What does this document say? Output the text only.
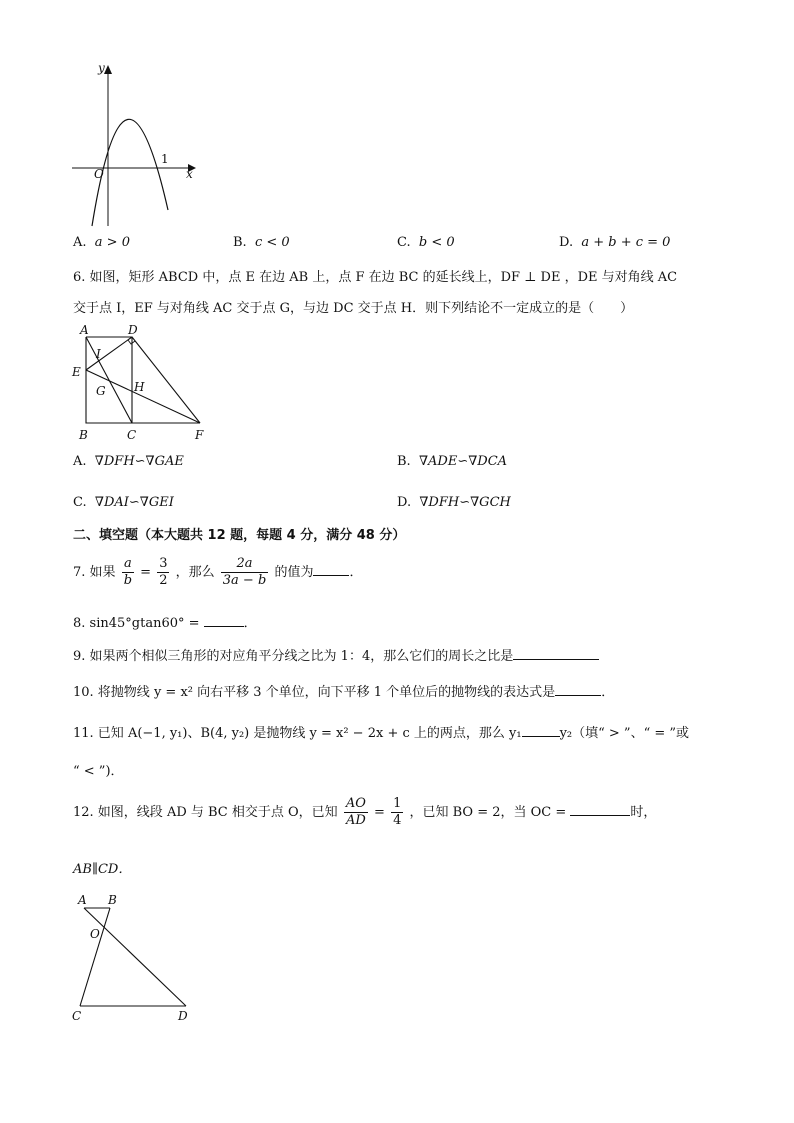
y
x
O
1
A. a > 0	B. c < 0	C. b < 0	D. a + b + c = 0
6. 如图，矩形 ABCD 中，点 E 在边 AB 上，点 F 在边 BC 的延长线上，DF ⊥ DE ，DE 与对角线 AC
交于点 I，EF 与对角线 AC 交于点 G，与边 DC 交于点 H．则下列结论不一定成立的是（　　）
A	D
I
E
G H
B	C	F
A. ∇DFH∽∇GAE	B. ∇ADE∽∇DCA
C. ∇DAI∽∇GEI	D. ∇DFH∽∇GCH
二、填空题（本大题共 12 题，每题 4 分，满分 48 分）
7. 如果 $\frac{a}{b} = \frac{3}{2}$ ，那么 $\frac{2a}{3a - b}$ 的值为	．
8. sin45°gtan60° =	．
9. 如果两个相似三角形的对应角平分线之比为 1：4，那么它们的周长之比是
10. 将抛物线 y = x² 向右平移 3 个单位，向下平移 1 个单位后的抛物线的表达式是	．
11. 已知 A(−1, y₁)、B(4, y₂) 是抛物线 y = x² − 2x + c 上的两点，那么 y₁	y₂（填“ > ”、“ = ”或
“ < ”)．
12. 如图，线段 AD 与 BC 相交于点 O，已知 $\frac{AO}{AD} = \frac{1}{4}$ ，已知 BO = 2，当 OC =	时，
AB∥CD．
A B
O
C	D
